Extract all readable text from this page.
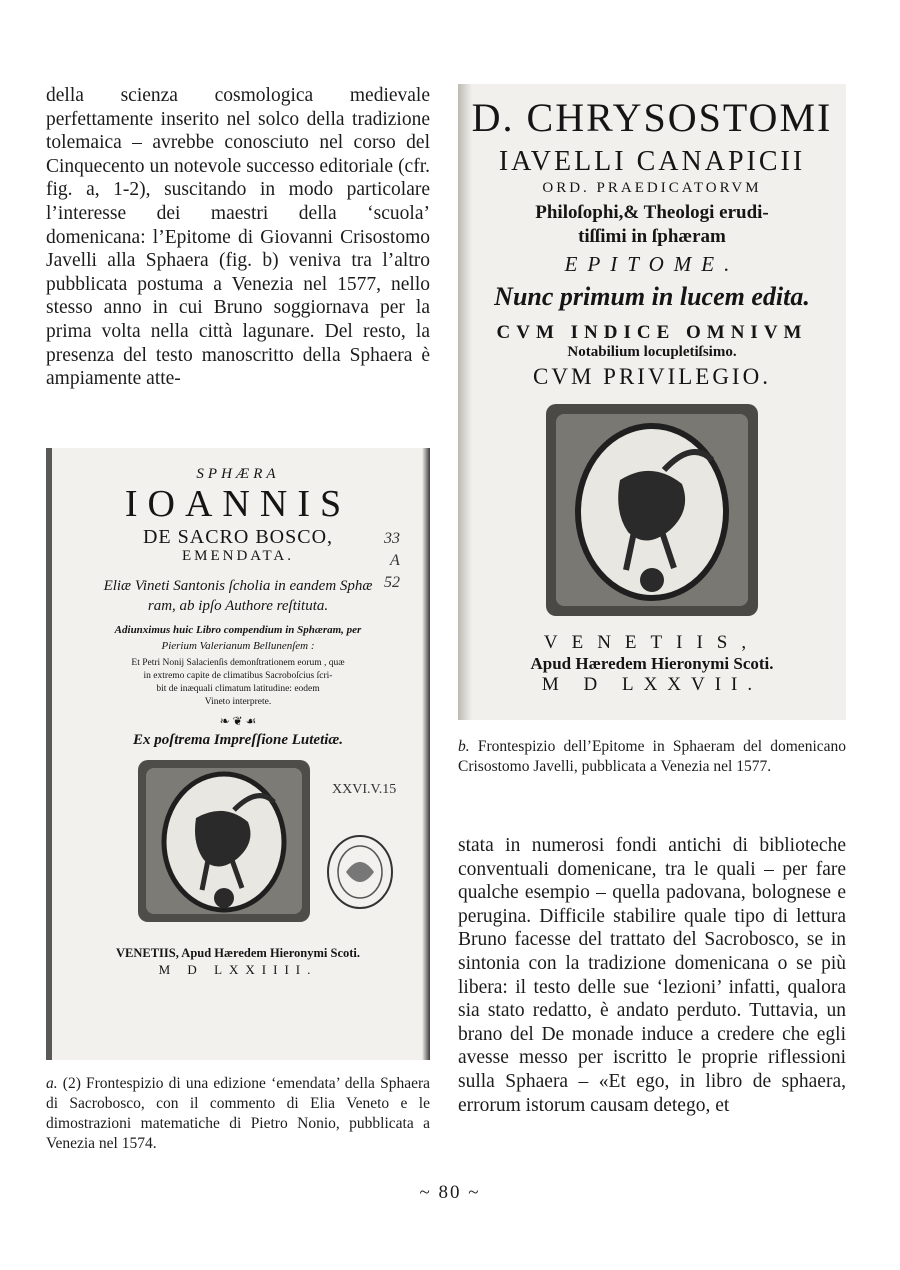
della scienza cosmologica medievale perfettamente inserito nel solco della tradizione tolemaica – avrebbe conosciuto nel corso del Cinquecento un notevole successo editoriale (cfr. fig. a, 1-2), suscitando in modo particolare l’interesse dei maestri della ‘scuola’ domenicana: l’Epitome di Giovanni Crisostomo Javelli alla Sphaera (fig. b) veniva tra l’altro pubblicata postuma a Venezia nel 1577, nello stesso anno in cui Bruno soggiornava per la prima volta nella città lagunare. Del resto, la presenza del testo manoscritto della Sphaera è ampiamente atte-

D. CHRYSOSTOMI
IAVELLI CANAPICII
ORD. PRAEDICATORVM
Philoſophi,& Theologi erudi-
tiſſimi in ſphæram
EPITOME.
Nunc primum in lucem edita.
CVM INDICE OMNIVM
Notabilium locupletiſsimo.
CVM PRIVILEGIO.
VENETIIS,
Apud Hæredem Hieronymi Scoti.
M D LXXVII.
b. Frontespizio dell’Epitome in Sphaeram del domenicano Crisostomo Javelli, pubblicata a Venezia nel 1577.
SPHÆRA
IOANNIS
DE SACRO BOSCO,
EMENDATA.
Eliæ Vineti Santonis ſcholia in eandem Sphæ
ram, ab ipſo Authore reſtituta.
Adiunximus huic Libro compendium in Sphæram, per
Pierium Valerianum Bellunenſem :
Et Petri Nonij Salacienſis demonſtrationem eorum , quæ
in extremo capite de climatibus Sacroboſcius ſcri-
bit de inæquali climatum latitudine: eodem
Vineto interprete.
❧ ❦ ☙
Ex poſtrema Impreſſione Lutetiæ.
VENETIIS, Apud Hæredem Hieronymi Scoti.
M D LXXIIII.
33
A
52
XXVI.V.15
a. (2) Frontespizio di una edizione ‘emendata’ della Sphaera di Sacrobosco, con il commento di Elia Veneto e le dimostrazioni matematiche di Pietro Nonio, pubblicata a Venezia nel 1574.

stata in numerosi fondi antichi di biblioteche conventuali domenicane, tra le quali – per fare qualche esempio – quella padovana, bolognese e perugina. Difficile stabilire quale tipo di lettura Bruno facesse del trattato del Sacrobosco, se in sintonia con la tradizione domenicana o se più libera: il testo delle sue ‘lezioni’ infatti, qualora sia stato redatto, è andato perduto. Tuttavia, un brano del De monade induce a credere che egli avesse messo per iscritto le proprie riflessioni sulla Sphaera – «Et ego, in libro de sphaera, errorum istorum causam detego, et

~ 80 ~
